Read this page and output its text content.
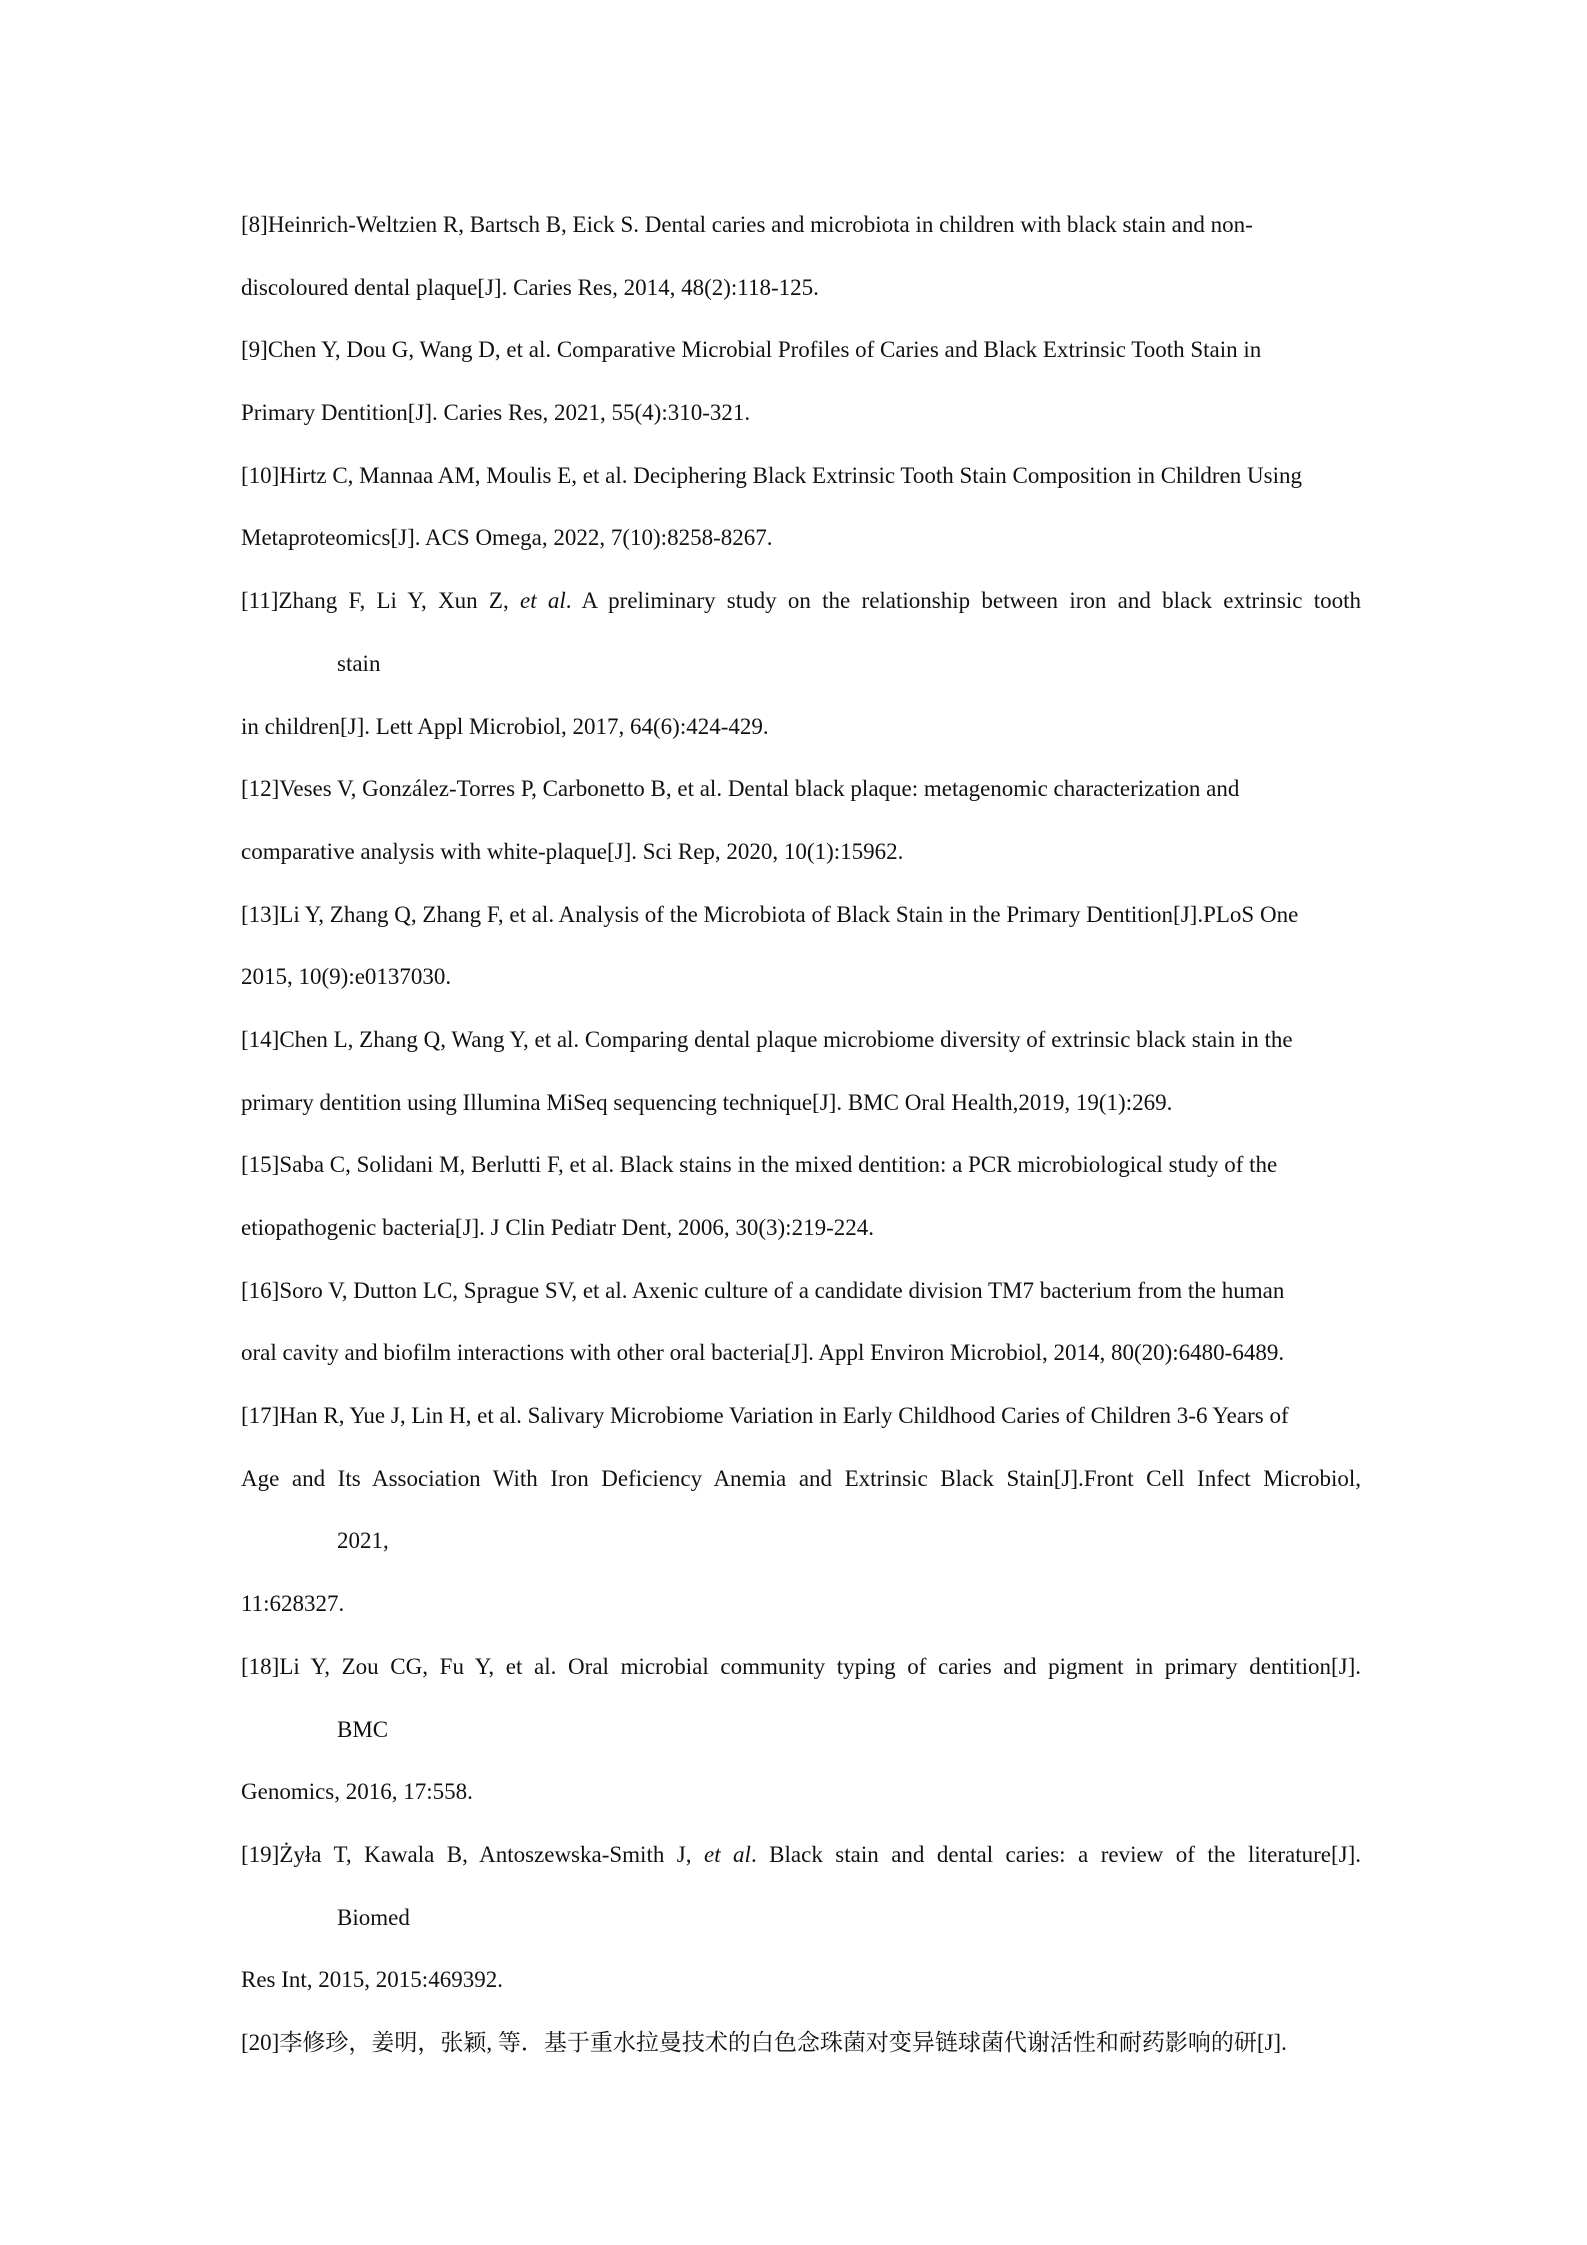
[8]Heinrich-Weltzien R, Bartsch B, Eick S. Dental caries and microbiota in children with black stain and non-
discoloured dental plaque[J]. Caries Res, 2014, 48(2):118-125.
[9]Chen Y, Dou G, Wang D, et al. Comparative Microbial Profiles of Caries and Black Extrinsic Tooth Stain in
Primary Dentition[J]. Caries Res, 2021, 55(4):310-321.
[10]Hirtz C, Mannaa AM, Moulis E, et al. Deciphering Black Extrinsic Tooth Stain Composition in Children Using
Metaproteomics[J]. ACS Omega, 2022, 7(10):8258-8267.
[11]Zhang F, Li Y, Xun Z, et al. A preliminary study on the relationship between iron and black extrinsic tooth
stain
in children[J]. Lett Appl Microbiol, 2017, 64(6):424-429.
[12]Veses V, González-Torres P, Carbonetto B, et al. Dental black plaque: metagenomic characterization and
comparative analysis with white-plaque[J]. Sci Rep, 2020, 10(1):15962.
[13]Li Y, Zhang Q, Zhang F, et al. Analysis of the Microbiota of Black Stain in the Primary Dentition[J].PLoS One
2015, 10(9):e0137030.
[14]Chen L, Zhang Q, Wang Y, et al. Comparing dental plaque microbiome diversity of extrinsic black stain in the
primary dentition using Illumina MiSeq sequencing technique[J]. BMC Oral Health,2019, 19(1):269.
[15]Saba C, Solidani M, Berlutti F, et al. Black stains in the mixed dentition: a PCR microbiological study of the
etiopathogenic bacteria[J]. J Clin Pediatr Dent, 2006, 30(3):219-224.
[16]Soro V, Dutton LC, Sprague SV, et al. Axenic culture of a candidate division TM7 bacterium from the human
oral cavity and biofilm interactions with other oral bacteria[J]. Appl Environ Microbiol, 2014, 80(20):6480-6489.
[17]Han R, Yue J, Lin H, et al. Salivary Microbiome Variation in Early Childhood Caries of Children 3-6 Years of
Age and Its Association With Iron Deficiency Anemia and Extrinsic Black Stain[J].Front Cell Infect Microbiol,
2021,
11:628327.
[18]Li Y, Zou CG, Fu Y, et al. Oral microbial community typing of caries and pigment in primary dentition[J].
BMC
Genomics, 2016, 17:558.
[19]Żyła T, Kawala B, Antoszewska-Smith J, et al. Black stain and dental caries: a review of the literature[J].
Biomed
Res Int, 2015, 2015:469392.
[20]李修珍，姜明，张颖, 等．基于重水拉曼技术的白色念珠菌对变异链球菌代谢活性和耐药影响的研[J].
